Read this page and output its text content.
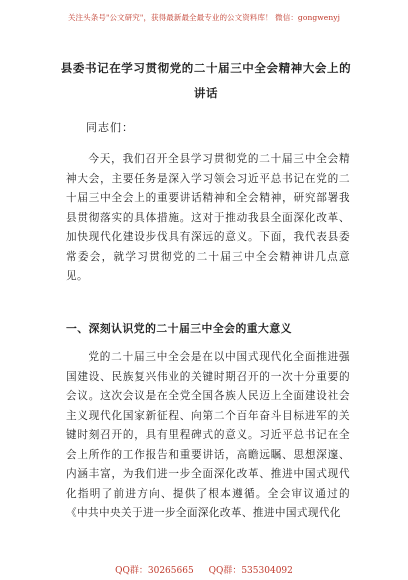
关注头条号"公文研究"，获得最新最全最专业的公文资料库！ 微信：gongwenyj
县委书记在学习贯彻党的二十届三中全会精神大会上的讲话
同志们：
今天，我们召开全县学习贯彻党的二十届三中全会精神大会，主要任务是深入学习领会习近平总书记在党的二十届三中全会上的重要讲话精神和全会精神，研究部署我县贯彻落实的具体措施。这对于推动我县全面深化改革、加快现代化建设步伐具有深远的意义。下面，我代表县委常委会，就学习贯彻党的二十届三中全会精神讲几点意见。
一、深刻认识党的二十届三中全会的重大意义
党的二十届三中全会是在以中国式现代化全面推进强国建设、民族复兴伟业的关键时期召开的一次十分重要的会议。这次会议是在全党全国各族人民迈上全面建设社会主义现代化国家新征程、向第二个百年奋斗目标进军的关键时刻召开的，具有里程碑式的意义。习近平总书记在全会上所作的工作报告和重要讲话，高瞻远瞩、思想深邃、内涵丰富，为我们进一步全面深化改革、推进中国式现代化指明了前进方向、提供了根本遵循。全会审议通过的《中共中央关于进一步全面深化改革、推进中国式现代化
QQ群：30265665 QQ群：535304092
